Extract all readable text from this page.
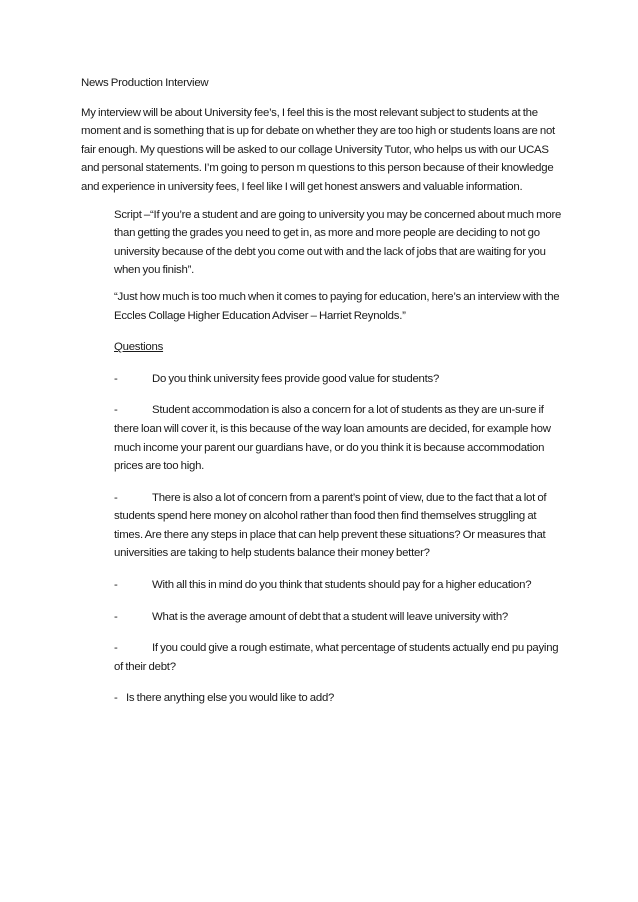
News Production Interview

My interview will be about University fee’s, I feel this is the most relevant subject to students at the moment and is something that is up for debate on whether they are too high or students loans are not fair enough. My questions will be asked to our collage University Tutor, who helps us with our UCAS and personal statements. I’m going to person m questions to this person because of their knowledge and experience in university fees, I feel like I will get honest answers and valuable information.

Script –“If you’re a student and are going to university you may be concerned about much more than getting the grades you need to get in, as more and more people are deciding to not go university because of the debt you come out with and the lack of jobs that are waiting for you when you finish”.

“Just how much is too much when it comes to paying for education, here’s an interview with the Eccles Collage Higher Education Adviser – Harriet Reynolds.”

Questions

-	Do you think university fees provide good value for students?

-	Student accommodation is also a concern for a lot of students as they are un-sure if there loan will cover it, is this because of the way loan amounts are decided, for example how much income your parent our guardians have, or do you think it is because accommodation prices are too high.

-	There is also a lot of concern from a parent’s point of view, due to the fact that a lot of students spend here money on alcohol rather than food then find themselves struggling at times. Are there any steps in place that can help prevent these situations? Or measures that universities are taking to help students balance their money better?

-	With all this in mind do you think that students should pay for a higher education?

-	What is the average amount of debt that a student will leave university with?

-	If you could give a rough estimate, what percentage of students actually end pu paying of their debt?

- Is there anything else you would like to add?
